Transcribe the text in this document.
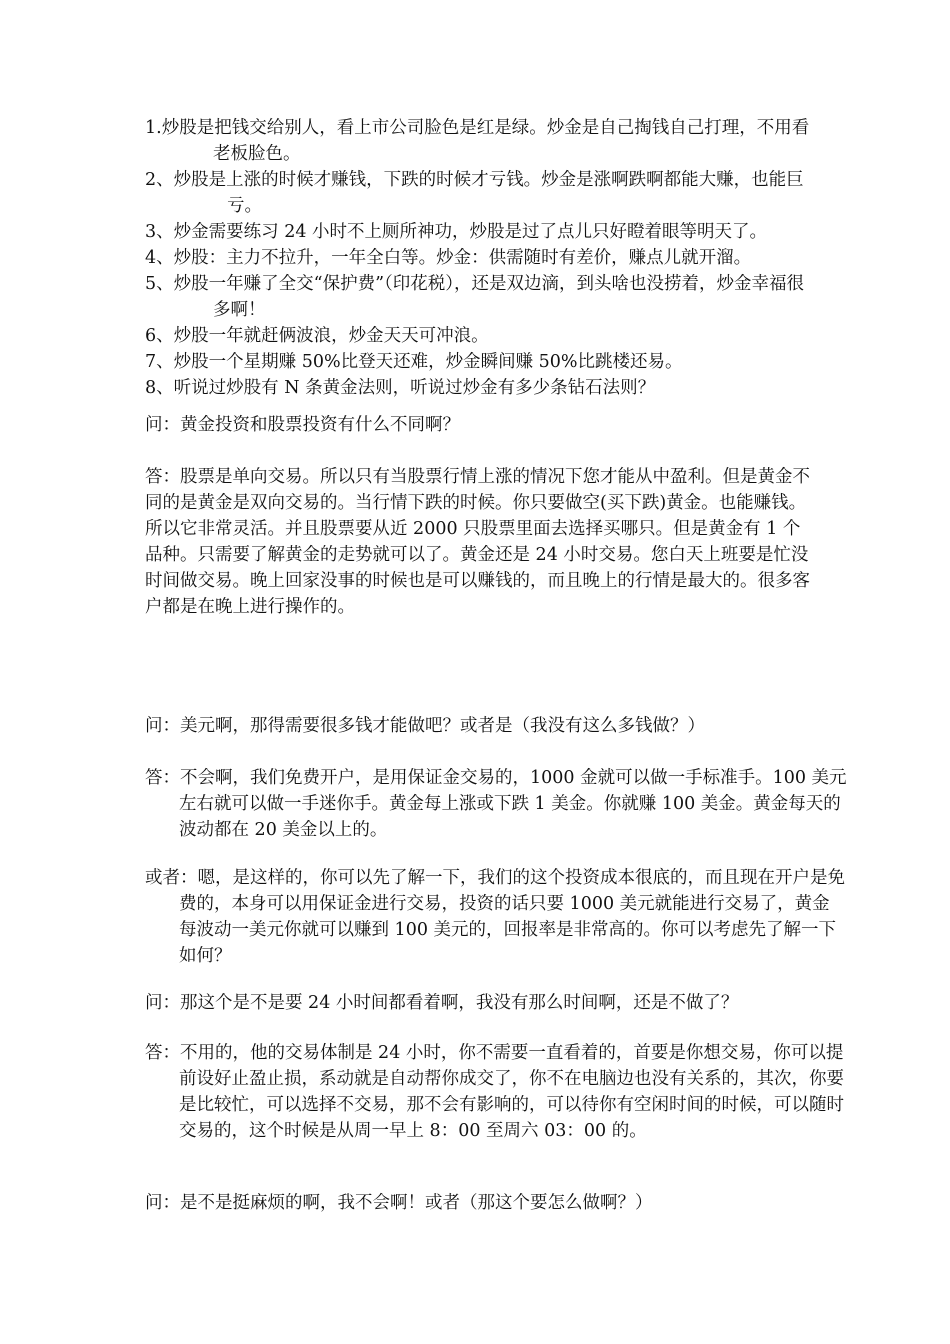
1.炒股是把钱交给别人，看上市公司脸色是红是绿。炒金是自己掏钱自己打理，不用看老板脸色。
2、炒股是上涨的时候才赚钱，下跌的时候才亏钱。炒金是涨啊跌啊都能大赚，也能巨亏。
3、炒金需要练习 24 小时不上厕所神功，炒股是过了点儿只好瞪着眼等明天了。
4、炒股：主力不拉升，一年全白等。炒金：供需随时有差价，赚点儿就开溜。
5、炒股一年赚了全交“保护费”（印花税），还是双边滴，到头啥也没捞着，炒金幸福很多啊！
6、炒股一年就赶俩波浪，炒金天天可冲浪。
7、炒股一个星期赚 50%比登天还难，炒金瞬间赚 50%比跳楼还易。
8、听说过炒股有 N 条黄金法则，听说过炒金有多少条钻石法则？
问：黄金投资和股票投资有什么不同啊？
答：股票是单向交易。所以只有当股票行情上涨的情况下您才能从中盈利。但是黄金不同的是黄金是双向交易的。当行情下跌的时候。你只要做空(买下跌)黄金。也能赚钱。所以它非常灵活。并且股票要从近 2000 只股票里面去选择买哪只。但是黄金有 1 个品种。只需要了解黄金的走势就可以了。黄金还是 24 小时交易。您白天上班要是忙没时间做交易。晚上回家没事的时候也是可以赚钱的，而且晚上的行情是最大的。很多客户都是在晚上进行操作的。
问：美元啊，那得需要很多钱才能做吧？或者是（我没有这么多钱做？）
答：不会啊，我们免费开户，是用保证金交易的，1000 金就可以做一手标准手。100 美元左右就可以做一手迷你手。黄金每上涨或下跌 1 美金。你就赚 100 美金。黄金每天的波动都在 20 美金以上的。
或者：嗯，是这样的，你可以先了解一下，我们的这个投资成本很底的，而且现在开户是免费的，本身可以用保证金进行交易，投资的话只要 1000 美元就能进行交易了，黄金每波动一美元你就可以赚到 100 美元的，回报率是非常高的。你可以考虑先了解一下如何？
问：那这个是不是要 24 小时间都看着啊，我没有那么时间啊，还是不做了？
答：不用的，他的交易体制是 24 小时，你不需要一直看着的，首要是你想交易，你可以提前设好止盈止损，系动就是自动帮你成交了，你不在电脑边也没有关系的，其次，你要是比较忙，可以选择不交易，那不会有影响的，可以待你有空闲时间的时候，可以随时交易的，这个时候是从周一早上 8：00 至周六 03：00 的。
问：是不是挺麻烦的啊，我不会啊！或者（那这个要怎么做啊？）
